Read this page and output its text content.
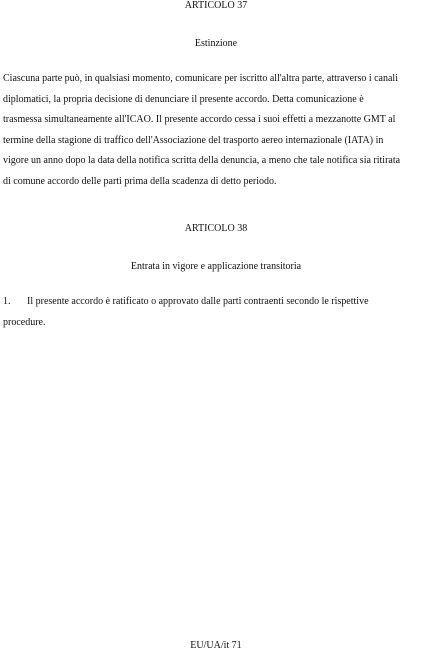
ARTICOLO 37
Estinzione
Ciascuna parte può, in qualsiasi momento, comunicare per iscritto all'altra parte, attraverso i canali
diplomatici, la propria decisione di denunciare il presente accordo. Detta comunicazione è
trasmessa simultaneamente all'ICAO. Il presente accordo cessa i suoi effetti a mezzanotte GMT al
termine della stagione di traffico dell'Associazione del trasporto aereo internazionale (IATA) in
vigore un anno dopo la data della notifica scritta della denuncia, a meno che tale notifica sia ritirata
di comune accordo delle parti prima della scadenza di detto periodo.
ARTICOLO 38
Entrata in vigore e applicazione transitoria
1. Il presente accordo è ratificato o approvato dalle parti contraenti secondo le rispettive
procedure.
EU/UA/it 71
